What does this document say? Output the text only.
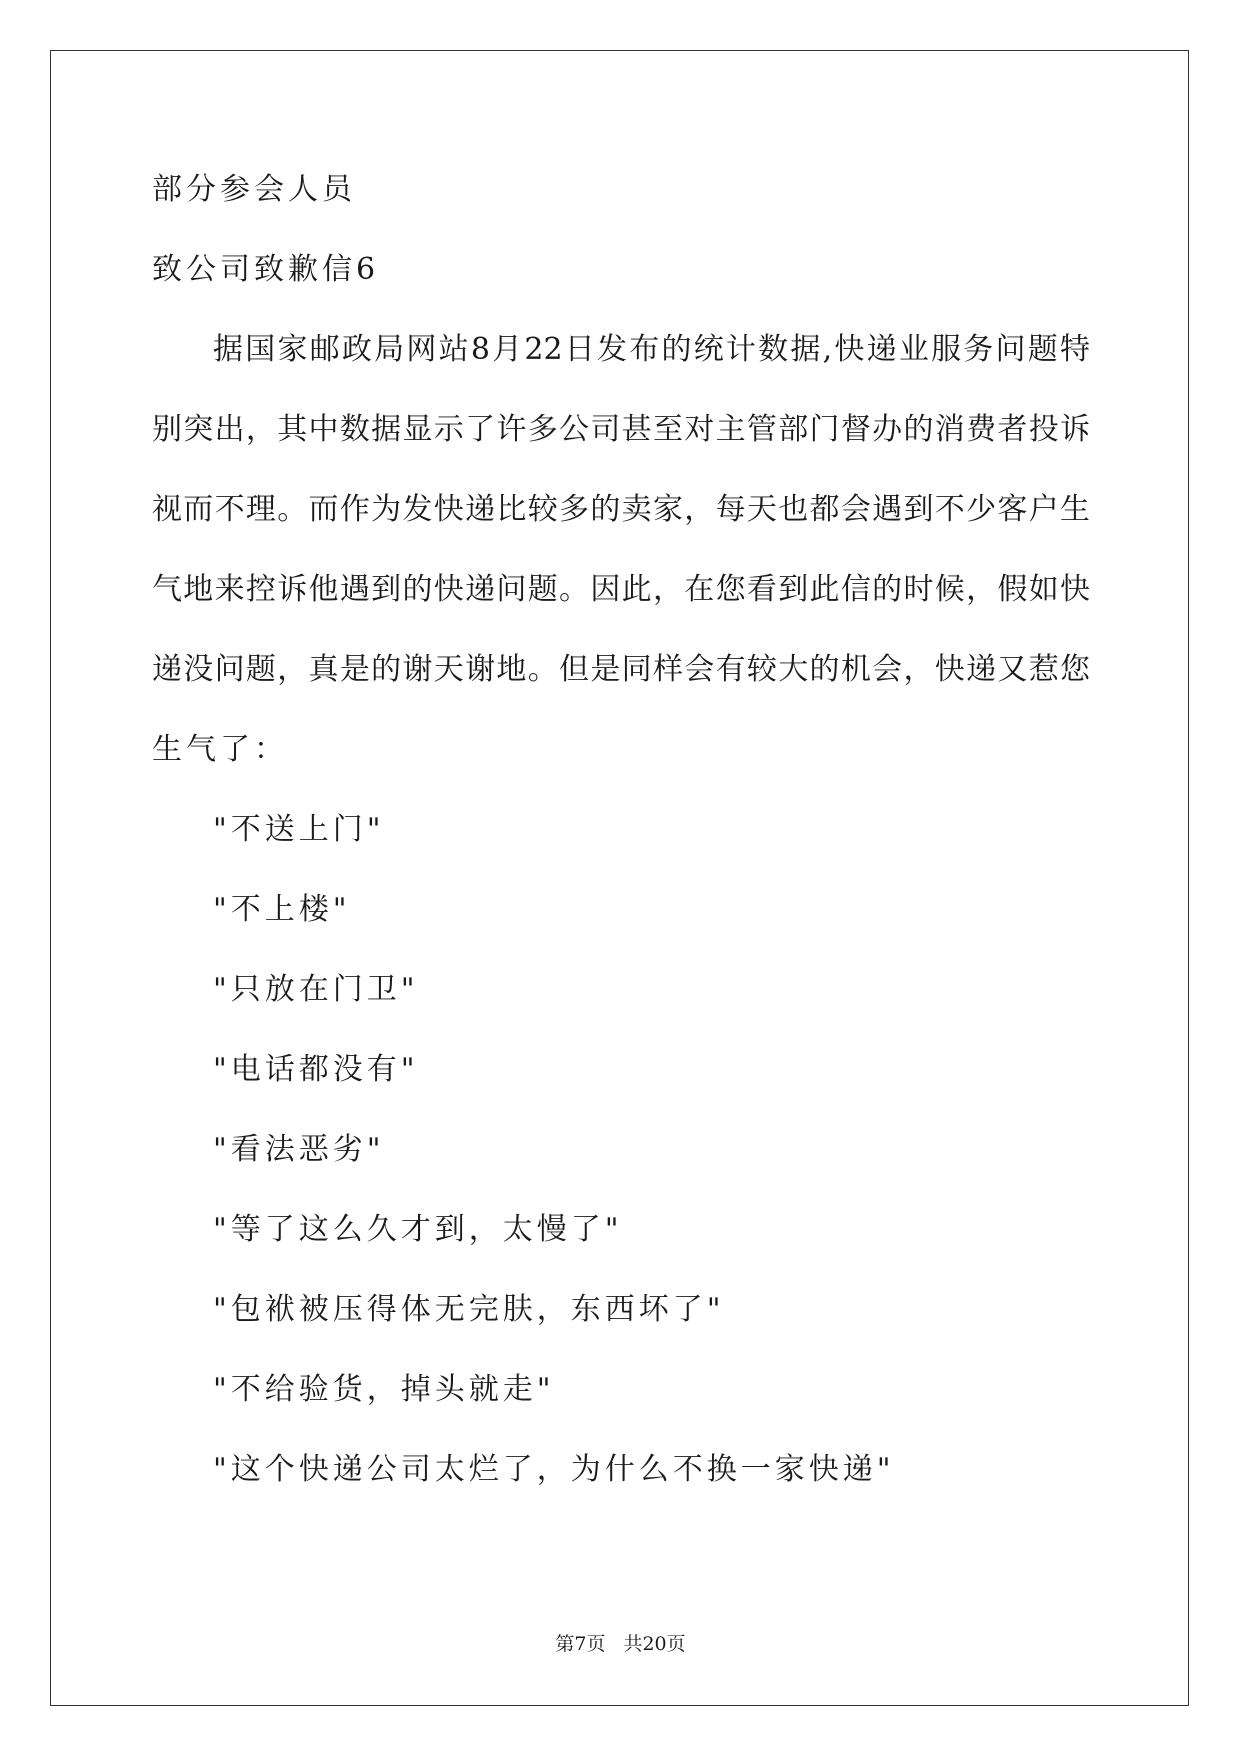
部分参会人员
致公司致歉信6
据国家邮政局网站8月22日发布的统计数据,快递业服务问题特
别突出，其中数据显示了许多公司甚至对主管部门督办的消费者投诉
视而不理。而作为发快递比较多的卖家，每天也都会遇到不少客户生
气地来控诉他遇到的快递问题。因此，在您看到此信的时候，假如快
递没问题，真是的谢天谢地。但是同样会有较大的机会，快递又惹您
生气了：
"不送上门"
"不上楼"
"只放在门卫"
"电话都没有"
"看法恶劣"
"等了这么久才到，太慢了"
"包袱被压得体无完肤，东西坏了"
"不给验货，掉头就走"
"这个快递公司太烂了，为什么不换一家快递"
第7页 共20页
